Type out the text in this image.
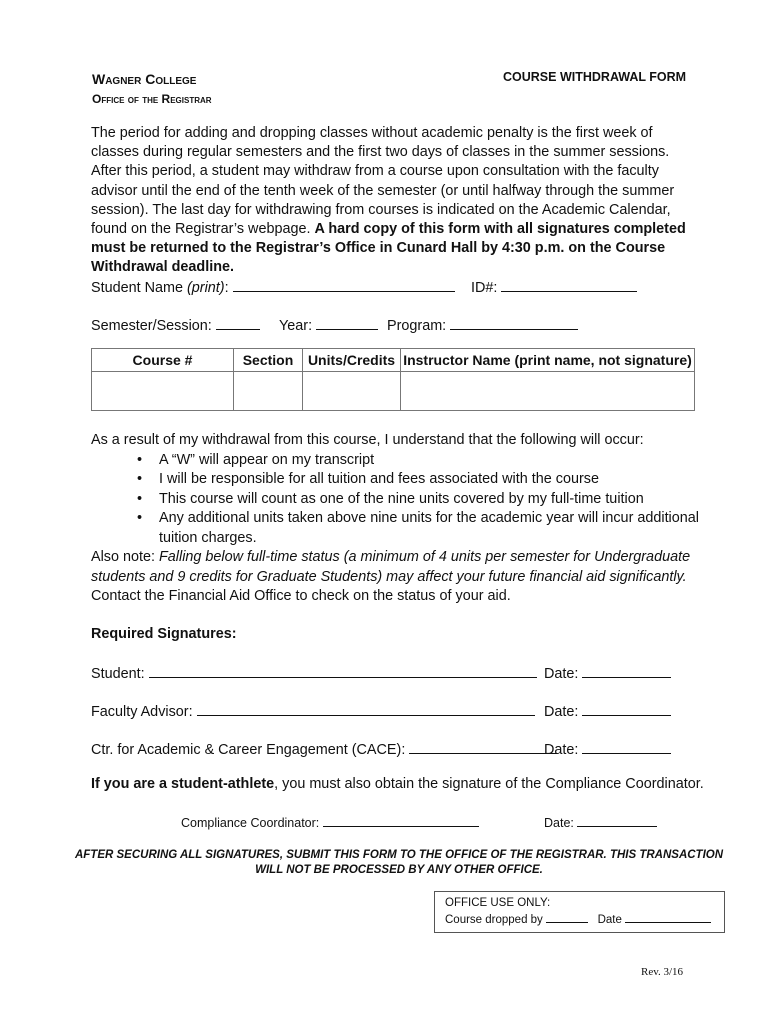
Wagner College
Office of the Registrar
COURSE WITHDRAWAL FORM
The period for adding and dropping classes without academic penalty is the first week of classes during regular semesters and the first two days of classes in the summer sessions. After this period, a student may withdraw from a course upon consultation with the faculty advisor until the end of the tenth week of the semester (or until halfway through the summer session). The last day for withdrawing from courses is indicated on the Academic Calendar, found on the Registrar’s webpage. A hard copy of this form with all signatures completed must be returned to the Registrar’s Office in Cunard Hall by 4:30 p.m. on the Course Withdrawal deadline.
Student Name (print):	ID#:
Semester/Session:	Year:	Program:
Course #	Section	Units/Credits	Instructor Name (print name, not signature)

As a result of my withdrawal from this course, I understand that the following will occur:
• A “W” will appear on my transcript
• I will be responsible for all tuition and fees associated with the course
• This course will count as one of the nine units covered by my full-time tuition
• Any additional units taken above nine units for the academic year will incur additional tuition charges.
Also note: Falling below full-time status (a minimum of 4 units per semester for Undergraduate students and 9 credits for Graduate Students) may affect your future financial aid significantly.
Contact the Financial Aid Office to check on the status of your aid.
Required Signatures:
Student:	Date:
Faculty Advisor:	Date:
Ctr. for Academic & Career Engagement (CACE):	Date:
If you are a student-athlete, you must also obtain the signature of the Compliance Coordinator.
Compliance Coordinator:	Date:
AFTER SECURING ALL SIGNATURES, SUBMIT THIS FORM TO THE OFFICE OF THE REGISTRAR. THIS TRANSACTION
WILL NOT BE PROCESSED BY ANY OTHER OFFICE.
OFFICE USE ONLY:
Course dropped by	Date
Rev. 3/16
